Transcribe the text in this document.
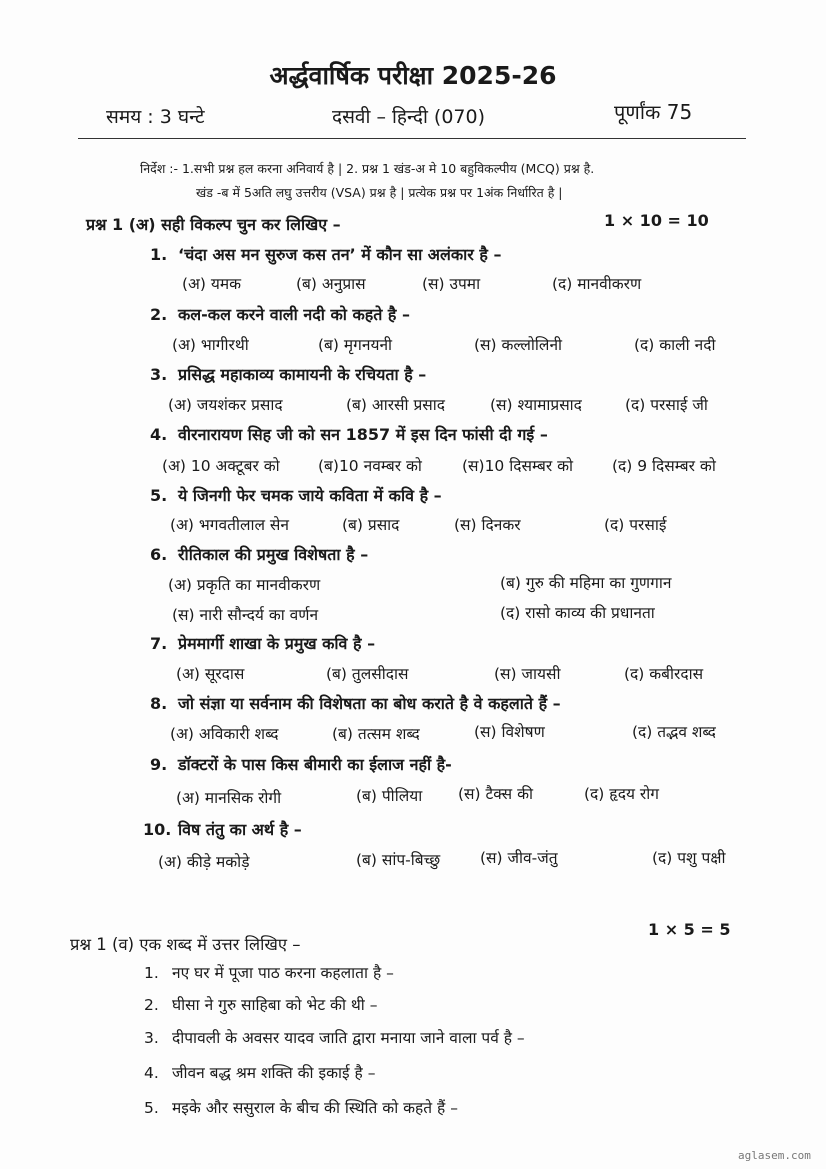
अर्द्धवार्षिक परीक्षा 2025-26
समय : 3 घन्टे	दसवी – हिन्दी (070)	पूर्णांक 75
निर्देश :- 1.सभी प्रश्न हल करना अनिवार्य है | 2. प्रश्न 1 खंड-अ मे 10 बहुविकल्पीय (MCQ) प्रश्न है.
खंड -ब में 5अति लघु उत्तरीय (VSA) प्रश्न है | प्रत्येक प्रश्न पर 1अंक निर्धारित है |
प्रश्न 1 (अ) सही विकल्प चुन कर लिखिए –	1 × 10 = 10
1. ‘चंदा अस मन सुरुज कस तन’ में कौन सा अलंकार है –
(अ) यमक	(ब) अनुप्रास	(स) उपमा	(द) मानवीकरण
2. कल-कल करने वाली नदी को कहते है –
(अ) भागीरथी	(ब) मृगनयनी	(स) कल्लोलिनी	(द) काली नदी
3. प्रसिद्ध महाकाव्य कामायनी के रचियता है –
(अ) जयशंकर प्रसाद	(ब) आरसी प्रसाद	(स) श्यामाप्रसाद	(द) परसाई जी
4. वीरनारायण सिह जी को सन 1857 में इस दिन फांसी दी गई –
(अ) 10 अक्टूबर को (ब)10 नवम्बर को	(स)10 दिसम्बर को	(द) 9 दिसम्बर को
5. ये जिनगी फेर चमक जाये कविता में कवि है –
(अ) भगवतीलाल सेन	(ब) प्रसाद	(स) दिनकर	(द) परसाई
6. रीतिकाल की प्रमुख विशेषता है –
(अ) प्रकृति का मानवीकरण	(ब) गुरु की महिमा का गुणगान
(स) नारी सौन्दर्य का वर्णन	(द) रासो काव्य की प्रधानता
7. प्रेममार्गी शाखा के प्रमुख कवि है –
(अ) सूरदास	(ब) तुलसीदास	(स) जायसी	(द) कबीरदास
8. जो संज्ञा या सर्वनाम की विशेषता का बोध कराते है वे कहलाते हैं –
(अ) अविकारी शब्द	(ब) तत्सम शब्द	(स) विशेषण	(द) तद्भव शब्द
9. डॉक्टरों के पास किस बीमारी का ईलाज नहीं है-
(अ) मानसिक रोगी	(ब) पीलिया (स) टैक्स की	(द) हृदय रोग
10. विष तंतु का अर्थ है –
(अ) कीड़े मकोड़े	(ब) सांप-बिच्छु	(स) जीव-जंतु	(द) पशु पक्षी
प्रश्न 1 (व) एक शब्द में उत्तर लिखिए –
1 × 5 = 5
1. नए घर में पूजा पाठ करना कहलाता है –
2. घीसा ने गुरु साहिबा को भेट की थी –
3. दीपावली के अवसर यादव जाति द्वारा मनाया जाने वाला पर्व है –
4. जीवन बद्ध श्रम शक्ति की इकाई है –
5. मइके और ससुराल के बीच की स्थिति को कहते हैं –
aglasem.com
